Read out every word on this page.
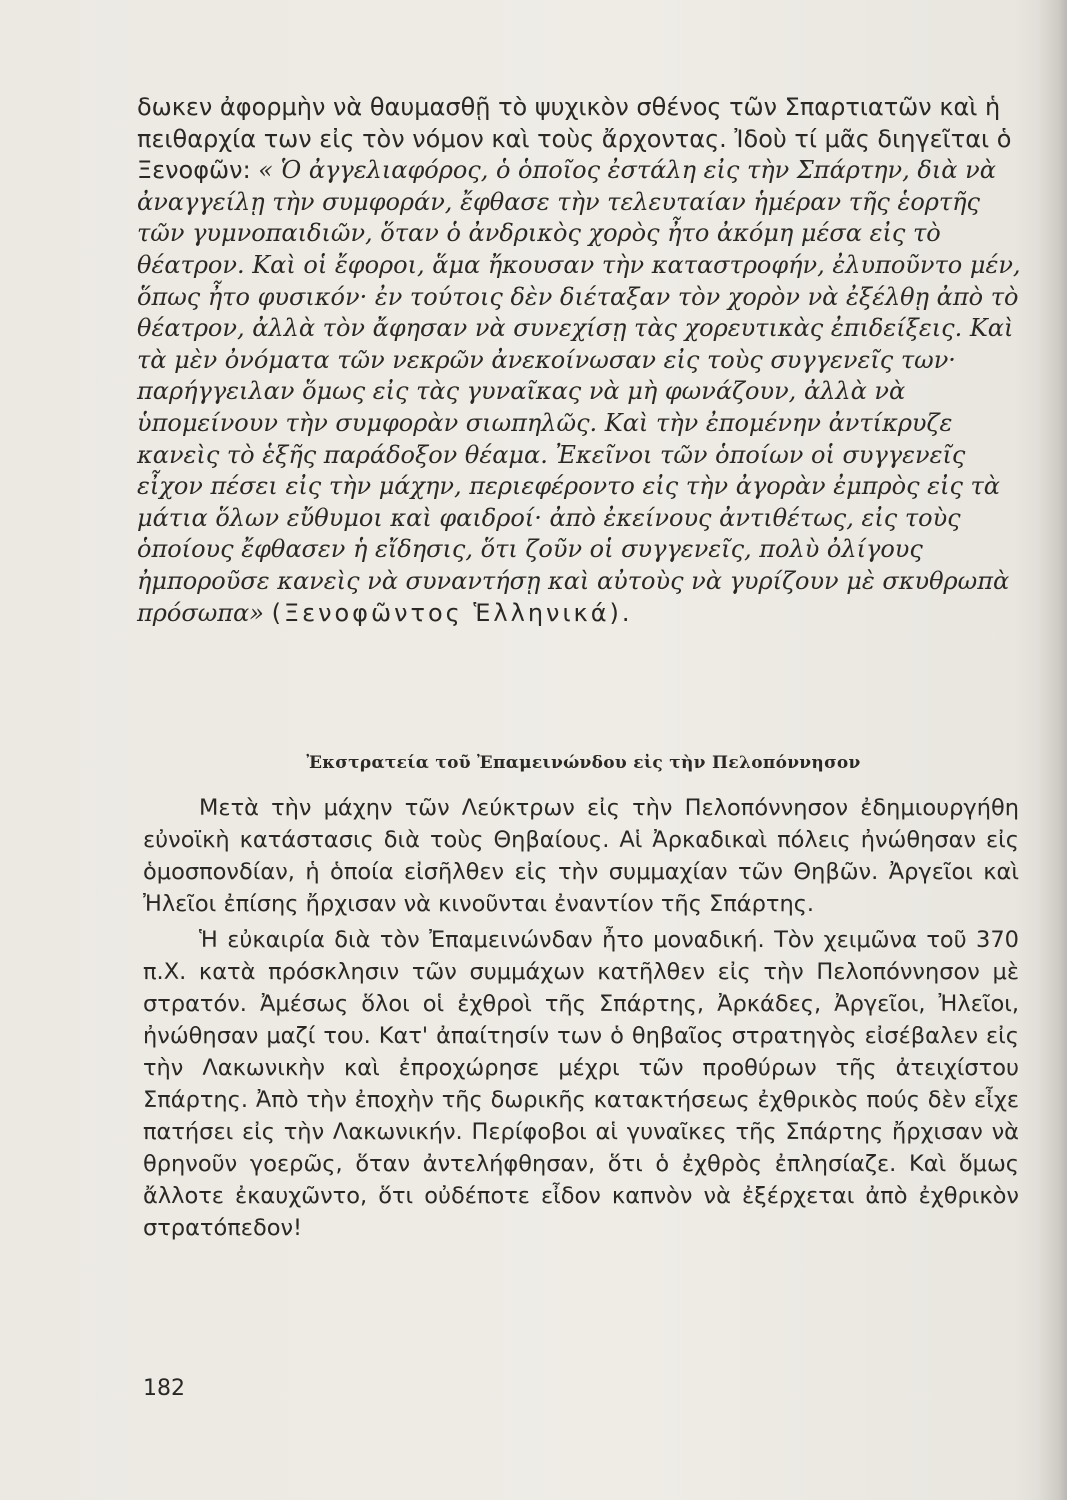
δωκεν ἀφορμὴν νὰ θαυμασθῇ τὸ ψυχικὸν σθένος τῶν Σπαρτιατῶν καὶ ἡ πειθαρχία των εἰς τὸν νόμον καὶ τοὺς ἄρχοντας. Ἰδοὺ τί μᾶς διηγεῖται ὁ Ξενοφῶν: « Ὁ ἀγγελιαφόρος, ὁ ὁποῖος ἐστάλη εἰς τὴν Σπάρτην, διὰ νὰ ἀναγγείλῃ τὴν συμφοράν, ἔφθασε τὴν τελευταίαν ἡμέραν τῆς ἑορτῆς τῶν γυμνοπαιδιῶν, ὅταν ὁ ἀνδρικὸς χορὸς ἦτο ἀκόμη μέσα εἰς τὸ θέατρον. Καὶ οἱ ἔφοροι, ἅμα ἤκουσαν τὴν καταστροφήν, ἐλυποῦντο μέν, ὅπως ἦτο φυσικόν· ἐν τούτοις δὲν διέταξαν τὸν χορὸν νὰ ἐξέλθῃ ἀπὸ τὸ θέατρον, ἀλλὰ τὸν ἄφησαν νὰ συνεχίσῃ τὰς χορευτικὰς ἐπιδείξεις. Καὶ τὰ μὲν ὀνόματα τῶν νεκρῶν ἀνεκοίνωσαν εἰς τοὺς συγγενεῖς των· παρήγγειλαν ὅμως εἰς τὰς γυναῖκας νὰ μὴ φωνάζουν, ἀλλὰ νὰ ὑπομείνουν τὴν συμφορὰν σιωπηλῶς. Καὶ τὴν ἐπομένην ἀντίκρυζε κανεὶς τὸ ἑξῆς παράδοξον θέαμα. Ἐκεῖνοι τῶν ὁποίων οἱ συγγενεῖς εἶχον πέσει εἰς τὴν μάχην, περιεφέροντο εἰς τὴν ἀγορὰν ἐμπρὸς εἰς τὰ μάτια ὅλων εὔθυμοι καὶ φαιδροί· ἀπὸ ἐκείνους ἀντιθέτως, εἰς τοὺς ὁποίους ἔφθασεν ἡ εἴδησις, ὅτι ζοῦν οἱ συγγενεῖς, πολὺ ὀλίγους ἠμποροῦσε κανεὶς νὰ συναντήσῃ καὶ αὐτοὺς νὰ γυρίζουν μὲ σκυθρωπὰ πρόσωπα» (Ξενοφῶντος Ἑλληνικά).

Ἐκστρατεία τοῦ Ἐπαμεινώνδου εἰς τὴν Πελοπόννησον

Μετὰ τὴν μάχην τῶν Λεύκτρων εἰς τὴν Πελοπόννησον ἐδημιουργήθη εὐνοϊκὴ κατάστασις διὰ τοὺς Θηβαίους. Αἱ Ἀρκαδικαὶ πόλεις ἠνώθησαν εἰς ὁμοσπονδίαν, ἡ ὁποία εἰσῆλθεν εἰς τὴν συμμαχίαν τῶν Θηβῶν. Ἀργεῖοι καὶ Ἠλεῖοι ἐπίσης ἤρχισαν νὰ κινοῦνται ἐναντίον τῆς Σπάρτης.

Ἡ εὐκαιρία διὰ τὸν Ἐπαμεινώνδαν ἦτο μοναδική. Τὸν χειμῶνα τοῦ 370 π.Χ. κατὰ πρόσκλησιν τῶν συμμάχων κατῆλθεν εἰς τὴν Πελοπόννησον μὲ στρατόν. Ἀμέσως ὅλοι οἱ ἐχθροὶ τῆς Σπάρτης, Ἀρκάδες, Ἀργεῖοι, Ἠλεῖοι, ἠνώθησαν μαζί του. Κατ' ἀπαίτησίν των ὁ θηβαῖος στρατηγὸς εἰσέβαλεν εἰς τὴν Λακωνικὴν καὶ ἐπροχώρησε μέχρι τῶν προθύρων τῆς ἀτειχίστου Σπάρτης. Ἀπὸ τὴν ἐποχὴν τῆς δωρικῆς κατακτήσεως ἐχθρικὸς πούς δὲν εἶχε πατήσει εἰς τὴν Λακωνικήν. Περίφοβοι αἱ γυναῖκες τῆς Σπάρτης ἤρχισαν νὰ θρηνοῦν γοερῶς, ὅταν ἀντελήφθησαν, ὅτι ὁ ἐχθρὸς ἐπλησίαζε. Καὶ ὅμως ἄλλοτε ἐκαυχῶντο, ὅτι οὐδέποτε εἶδον καπνὸν νὰ ἐξέρχεται ἀπὸ ἐχθρικὸν στρατόπεδον!

182
